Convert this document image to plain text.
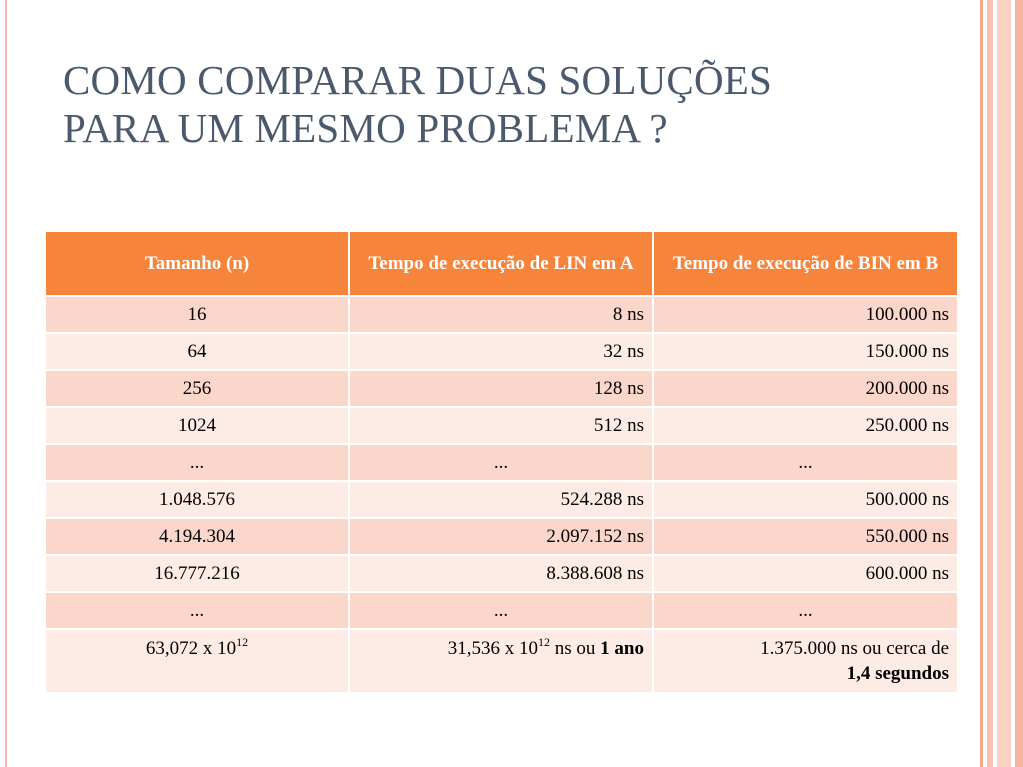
COMO COMPARAR DUAS SOLUÇÕES
PARA UM MESMO PROBLEMA ?
Tamanho (n)	Tempo de execução de LIN em A	Tempo de execução de BIN em B
16	8 ns	100.000 ns
64	32 ns	150.000 ns
256	128 ns	200.000 ns
1024	512 ns	250.000 ns
...	...	...
1.048.576	524.288 ns	500.000 ns
4.194.304	2.097.152 ns	550.000 ns
16.777.216	8.388.608 ns	600.000 ns
...	...	...
63,072 x $10^{12}$	31,536 x $10^{12}$ ns ou 1 ano	1.375.000 ns ou cerca de
1,4 segundos
